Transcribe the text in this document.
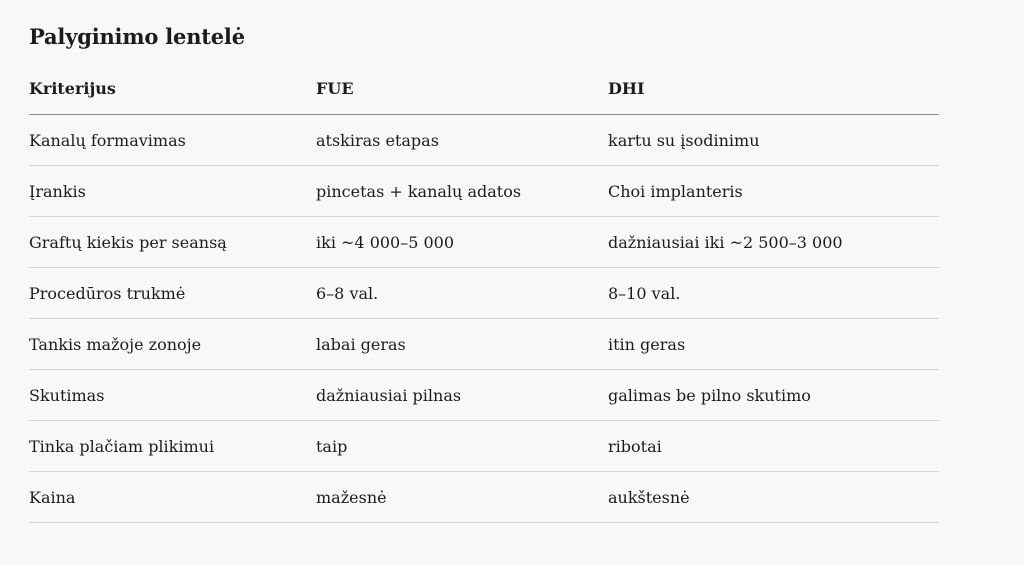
Palyginimo lentelė
Kriterijus	FUE	DHI
Kanalų formavimas	atskiras etapas	kartu su įsodinimu
Įrankis	pincetas + kanalų adatos	Choi implanteris
Graftų kiekis per seansą	iki ~4 000–5 000	dažniausiai iki ~2 500–3 000
Procedūros trukmė	6–8 val.	8–10 val.
Tankis mažoje zonoje	labai geras	itin geras
Skutimas	dažniausiai pilnas	galimas be pilno skutimo
Tinka plačiam plikimui	taip	ribotai
Kaina	mažesnė	aukštesnė
